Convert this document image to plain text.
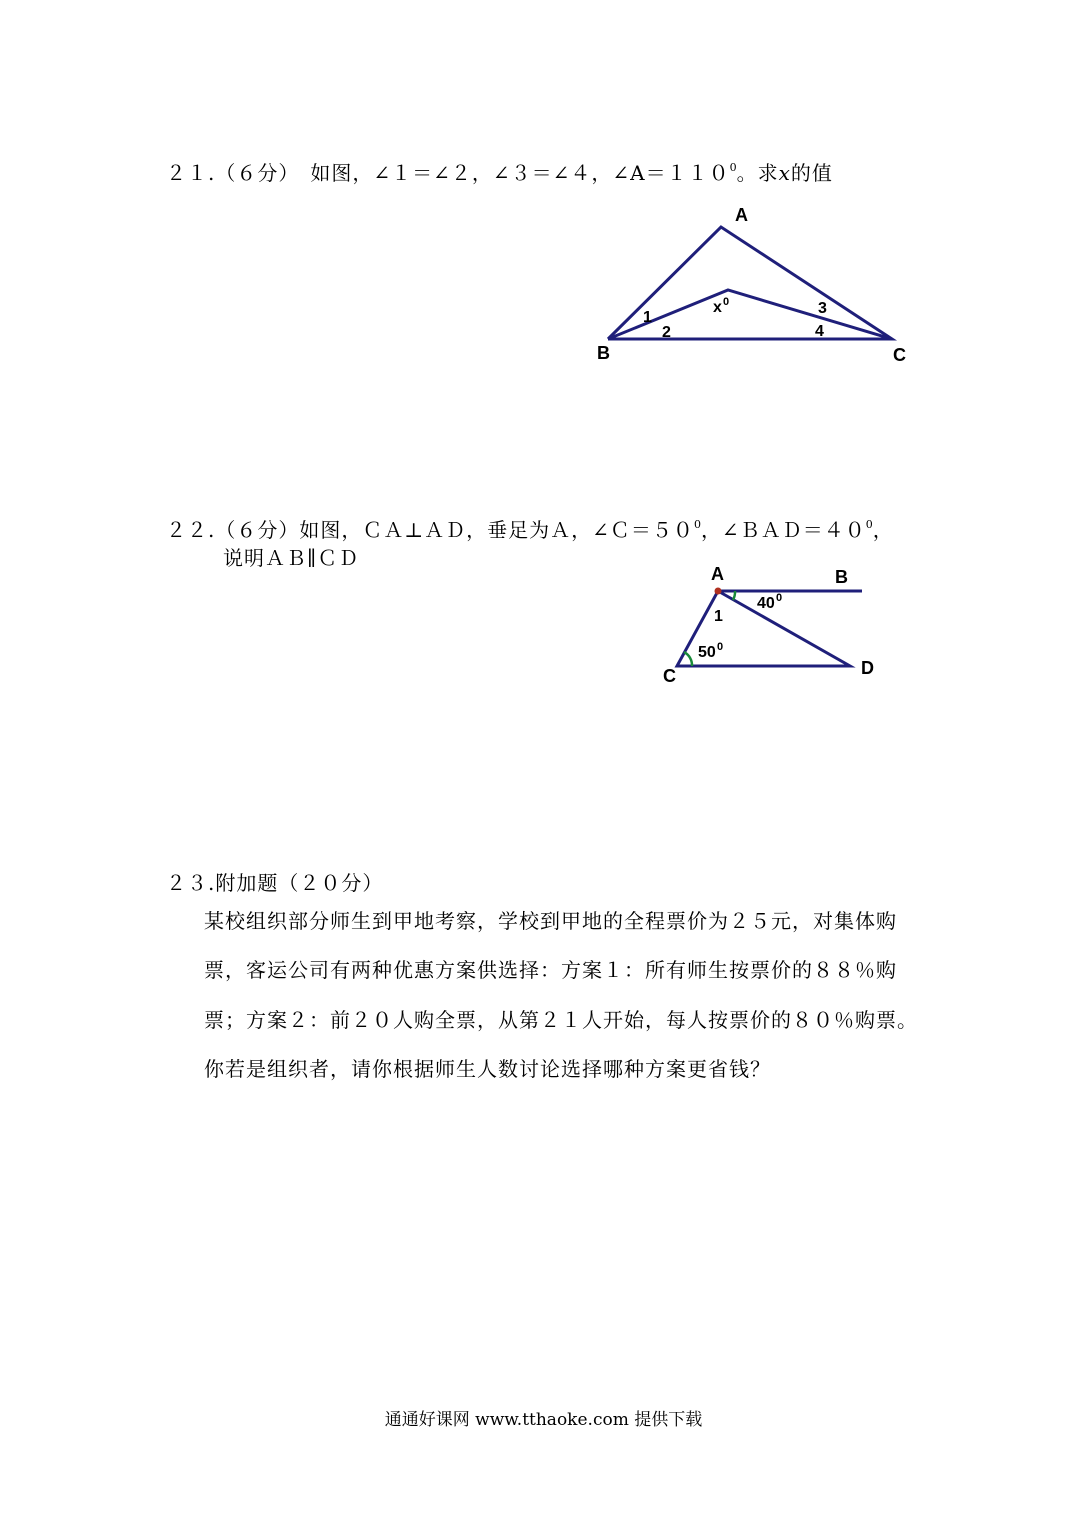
２１.（６分）　如图，∠１＝∠２，∠３＝∠４，$\angle A=110^0$。求x的值
A
B	C
x 0
1
2
3
4
２２.（６分）如图，ＣＡ⊥ＡＤ，垂足为Ａ，$\angle C=50^0$，$\angle BAD=40^0$，
说明ＡＢ∥ＣＤ
A	B
C	D
1
40 0
50 0
２３.附加题（２０分）
某校组织部分师生到甲地考察，学校到甲地的全程票价为２５元，对集体购
票，客运公司有两种优惠方案供选择：方案１：所有师生按票价的８８％购
票；方案２：前２０人购全票，从第２１人开始，每人按票价的８０％购票。
你若是组织者，请你根据师生人数讨论选择哪种方案更省钱？
通通好课网 www.tthaoke.com 提供下载
